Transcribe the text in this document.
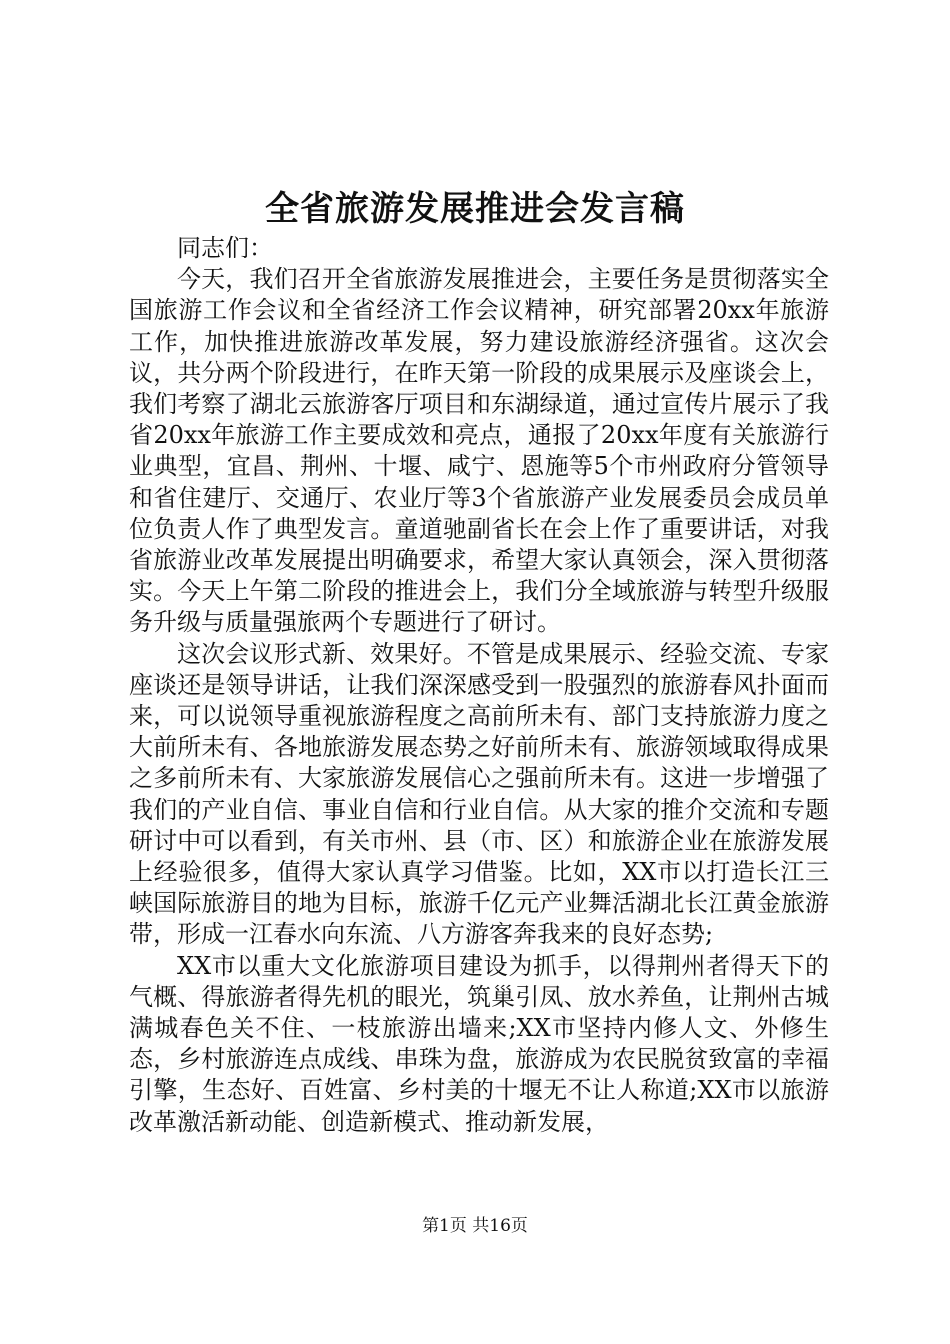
全省旅游发展推进会发言稿

同志们：

今天，我们召开全省旅游发展推进会，主要任务是贯彻落实全国旅游工作会议和全省经济工作会议精神，研究部署20xx年旅游工作，加快推进旅游改革发展，努力建设旅游经济强省。这次会议，共分两个阶段进行，在昨天第一阶段的成果展示及座谈会上，我们考察了湖北云旅游客厅项目和东湖绿道，通过宣传片展示了我省20xx年旅游工作主要成效和亮点，通报了20xx年度有关旅游行业典型，宜昌、荆州、十堰、咸宁、恩施等5个市州政府分管领导和省住建厅、交通厅、农业厅等3个省旅游产业发展委员会成员单位负责人作了典型发言。童道驰副省长在会上作了重要讲话，对我省旅游业改革发展提出明确要求，希望大家认真领会，深入贯彻落实。今天上午第二阶段的推进会上，我们分全域旅游与转型升级服务升级与质量强旅两个专题进行了研讨。

这次会议形式新、效果好。不管是成果展示、经验交流、专家座谈还是领导讲话，让我们深深感受到一股强烈的旅游春风扑面而来，可以说领导重视旅游程度之高前所未有、部门支持旅游力度之大前所未有、各地旅游发展态势之好前所未有、旅游领域取得成果之多前所未有、大家旅游发展信心之强前所未有。这进一步增强了我们的产业自信、事业自信和行业自信。从大家的推介交流和专题研讨中可以看到，有关市州、县（市、区）和旅游企业在旅游发展上经验很多，值得大家认真学习借鉴。比如，XX市以打造长江三峡国际旅游目的地为目标，旅游千亿元产业舞活湖北长江黄金旅游带，形成一江春水向东流、八方游客奔我来的良好态势;

XX市以重大文化旅游项目建设为抓手，以得荆州者得天下的气概、得旅游者得先机的眼光，筑巢引凤、放水养鱼，让荆州古城满城春色关不住、一枝旅游出墙来;XX市坚持内修人文、外修生态，乡村旅游连点成线、串珠为盘，旅游成为农民脱贫致富的幸福引擎，生态好、百姓富、乡村美的十堰无不让人称道;XX市以旅游改革激活新动能、创造新模式、推动新发展，

第1页 共16页
